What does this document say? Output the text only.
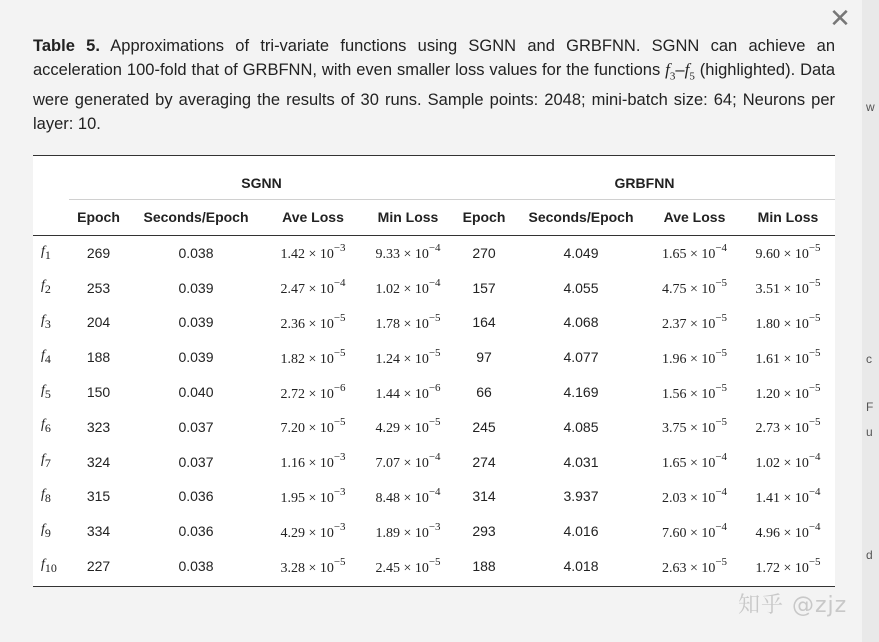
w
c
F
u
d
✕
Table 5. Approximations of tri-variate functions using SGNN and GRBFNN. SGNN can achieve an acceleration 100-fold that of GRBFNN, with even smaller loss values for the functions $f_3-f_5$ (highlighted). Data were generated by averaging the results of 30 runs. Sample points: 2048; mini-batch size: 64; Neurons per layer: 10.
	SGNN				GRBFNN			
	Epoch	Seconds/Epoch	Ave Loss	Min Loss	Epoch	Seconds/Epoch	Ave Loss	Min Loss
$f_1$	269	0.038	$1.42 \times 10^{-3}$	$9.33 \times 10^{-4}$	270	4.049	$1.65 \times 10^{-4}$	$9.60 \times 10^{-5}$
$f_2$	253	0.039	$2.47 \times 10^{-4}$	$1.02 \times 10^{-4}$	157	4.055	$4.75 \times 10^{-5}$	$3.51 \times 10^{-5}$
$f_3$	204	0.039	$2.36 \times 10^{-5}$	$1.78 \times 10^{-5}$	164	4.068	$2.37 \times 10^{-5}$	$1.80 \times 10^{-5}$
$f_4$	188	0.039	$1.82 \times 10^{-5}$	$1.24 \times 10^{-5}$	97	4.077	$1.96 \times 10^{-5}$	$1.61 \times 10^{-5}$
$f_5$	150	0.040	$2.72 \times 10^{-6}$	$1.44 \times 10^{-6}$	66	4.169	$1.56 \times 10^{-5}$	$1.20 \times 10^{-5}$
$f_6$	323	0.037	$7.20 \times 10^{-5}$	$4.29 \times 10^{-5}$	245	4.085	$3.75 \times 10^{-5}$	$2.73 \times 10^{-5}$
$f_7$	324	0.037	$1.16 \times 10^{-3}$	$7.07 \times 10^{-4}$	274	4.031	$1.65 \times 10^{-4}$	$1.02 \times 10^{-4}$
$f_8$	315	0.036	$1.95 \times 10^{-3}$	$8.48 \times 10^{-4}$	314	3.937	$2.03 \times 10^{-4}$	$1.41 \times 10^{-4}$
$f_9$	334	0.036	$4.29 \times 10^{-3}$	$1.89 \times 10^{-3}$	293	4.016	$7.60 \times 10^{-4}$	$4.96 \times 10^{-4}$
$f_{10}$	227	0.038	$3.28 \times 10^{-5}$	$2.45 \times 10^{-5}$	188	4.018	$2.63 \times 10^{-5}$	$1.72 \times 10^{-5}$
知乎 @zjz
